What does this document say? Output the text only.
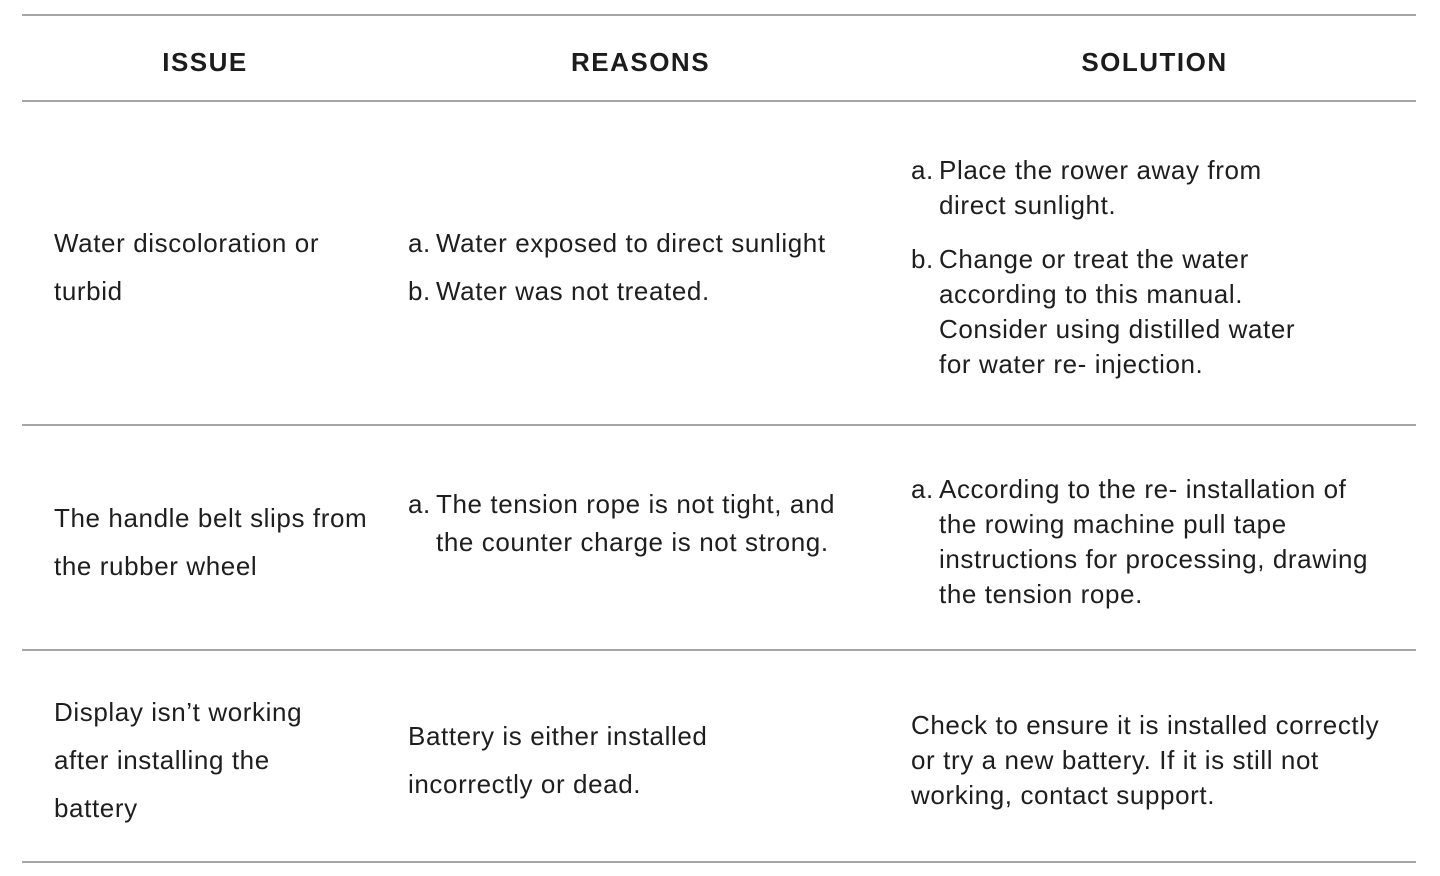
ISSUE	REASONS	SOLUTION
Water discoloration or turbid
a. Water exposed to direct sunlight
b. Water was not treated.
a. Place the rower away from direct sunlight.
b. Change or treat the water according to this manual. Consider using distilled water for water re- injection.
The handle belt slips from the rubber wheel
a. The tension rope is not tight, and the counter charge is not strong.
a. According to the re- installation of the rowing machine pull tape instructions for processing, drawing the tension rope.
Display isn’t working after installing the battery
Battery is either installed incorrectly or dead.
Check to ensure it is installed correctly or try a new battery. If it is still not working, contact support.
